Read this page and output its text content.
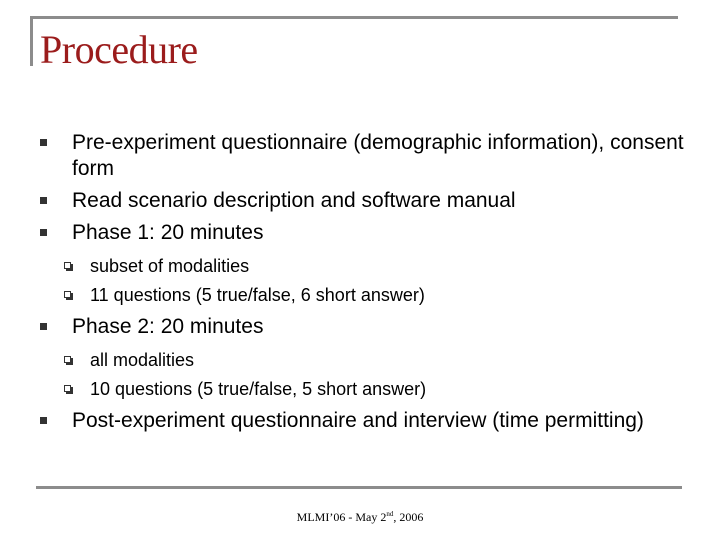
Procedure
Pre-experiment questionnaire (demographic information), consent form
Read scenario description and software manual
Phase 1: 20 minutes
subset of modalities
11 questions (5 true/false, 6 short answer)
Phase 2: 20 minutes
all modalities
10 questions (5 true/false, 5 short answer)
Post-experiment questionnaire and interview (time permitting)
MLMI’06 - May 2nd, 2006
